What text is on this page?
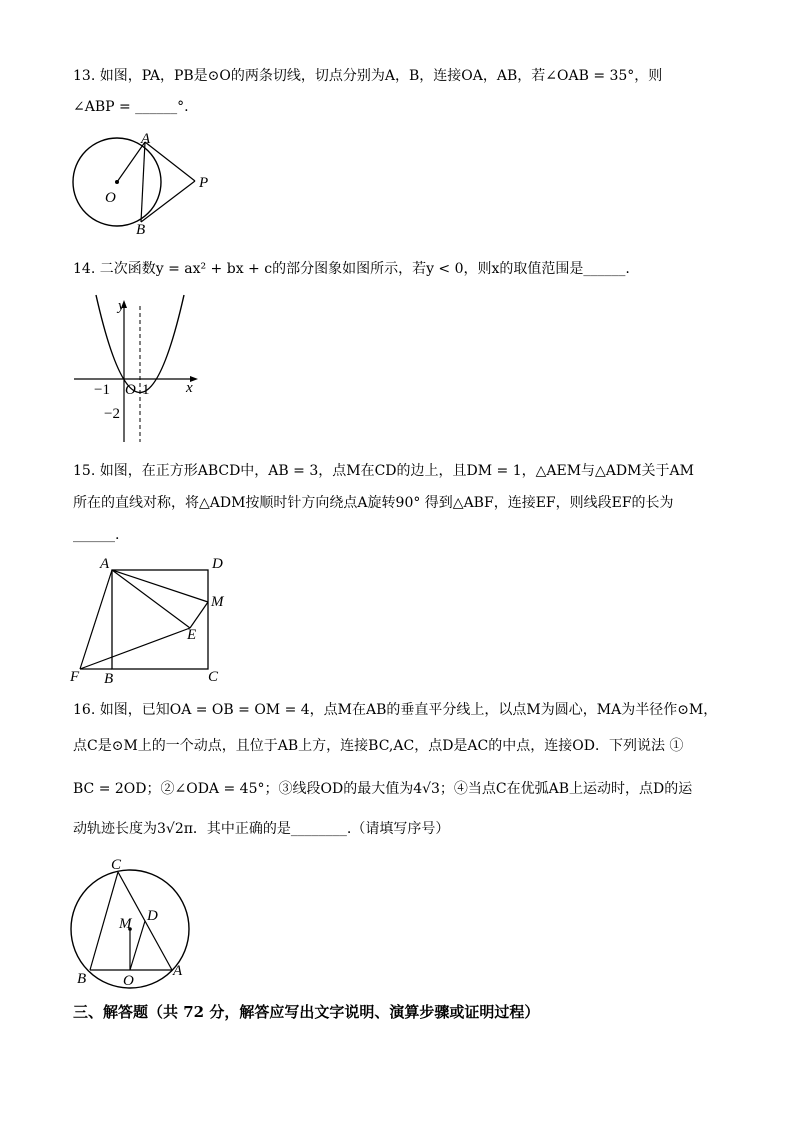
13. 如图，PA，PB是⊙O的两条切线，切点分别为A，B，连接OA，AB，若∠OAB = 35°，则
∠ABP = ______°.
A
B
O
P
14. 二次函数y = ax² + bx + c的部分图象如图所示，若y < 0，则x的取值范围是______.
y
x
O
−1 1
−2
15. 如图，在正方形ABCD中，AB = 3，点M在CD的边上，且DM = 1，△AEM与△ADM关于AM
所在的直线对称，将△ADM按顺时针方向绕点A旋转90° 得到△ABF，连接EF，则线段EF的长为
______.
A	D
M
E
F B	C
16. 如图，已知OA = OB = OM = 4，点M在AB的垂直平分线上，以点M为圆心，MA为半径作⊙M，
点C是⊙M上的一个动点，且位于AB上方，连接BC,AC，点D是AC的中点，连接OD．下列说法 ①
BC = 2OD；②∠ODA = 45°；③线段OD的最大值为4√3；④当点C在优弧AB上运动时，点D的运
动轨迹长度为3√2π．其中正确的是________.（请填写序号）
C
M D
B O
A
三、解答题（共 72 分，解答应写出文字说明、演算步骤或证明过程）
